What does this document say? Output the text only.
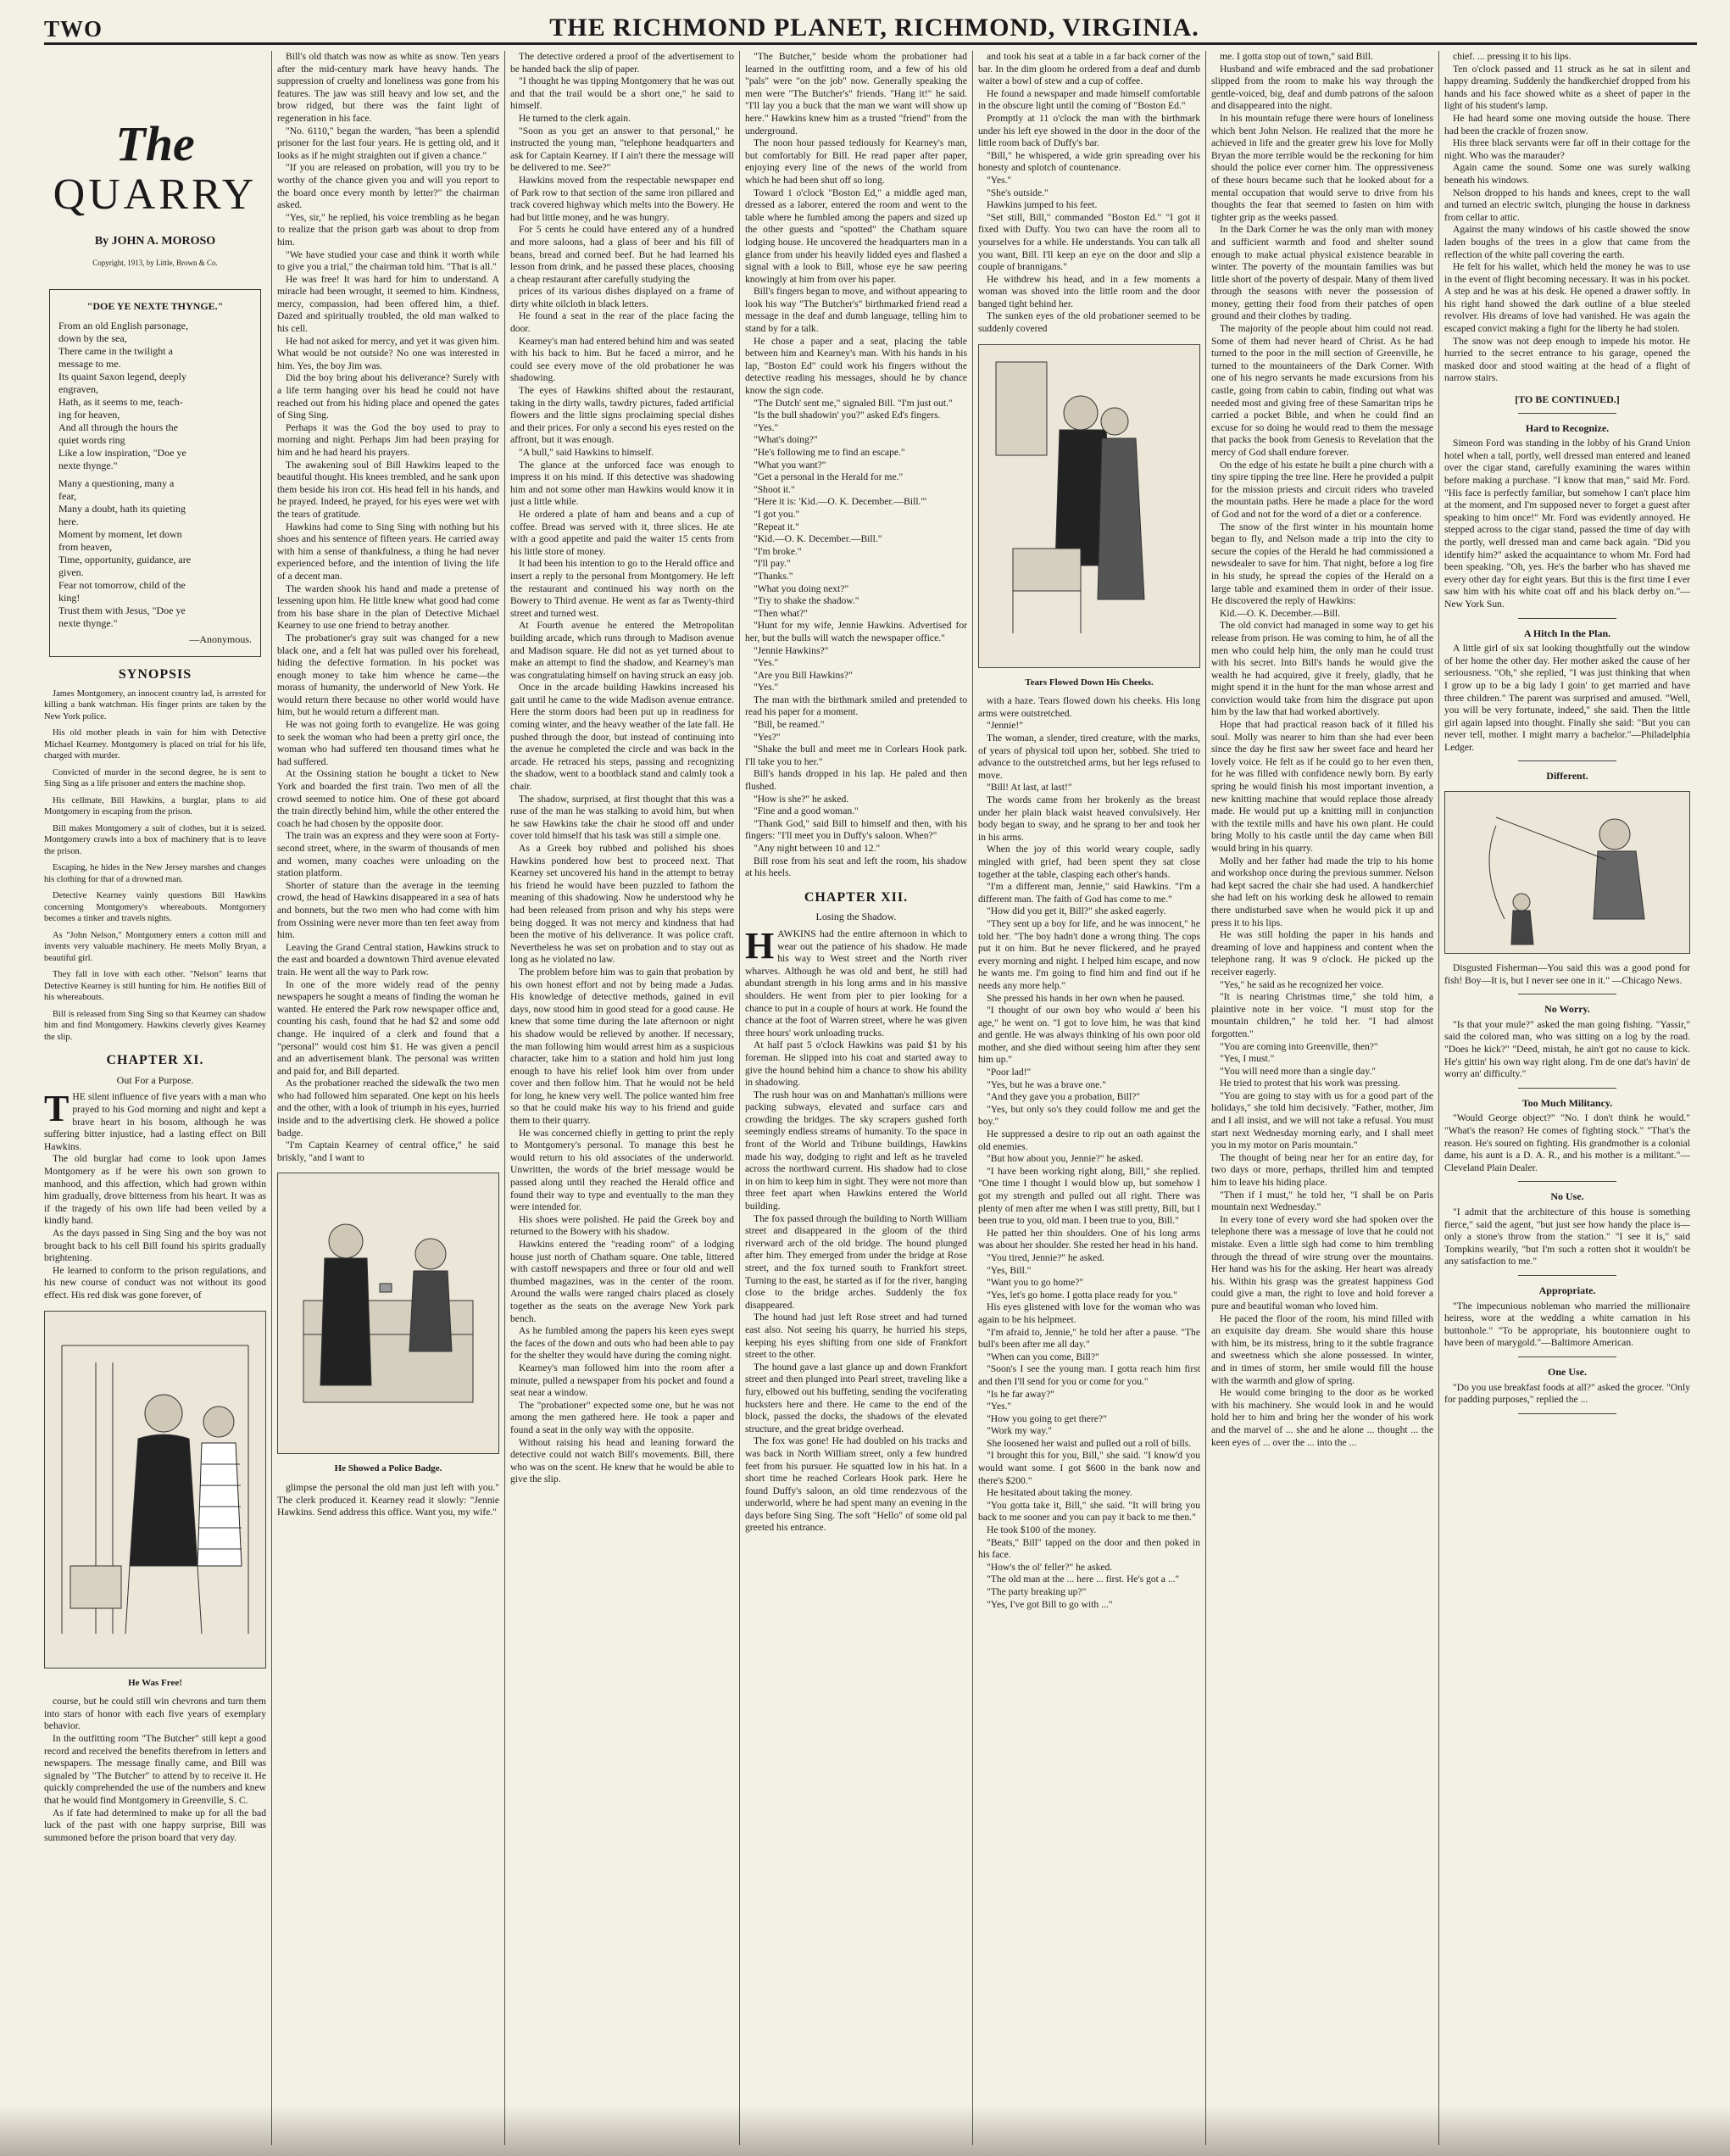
TWO	THE RICHMOND PLANET, RICHMOND, VIRGINIA.
The
QUARRY
By JOHN A. MOROSO
Copyright, 1913, by Little, Brown & Co.
"DOE YE NEXTE THYNGE."

From an old English parsonage,

down by the sea,

There came in the twilight a

message to me.

Its quaint Saxon legend, deeply

engraven,

Hath, as it seems to me, teach-

ing for heaven,

And all through the hours the

quiet words ring

Like a low inspiration, "Doe ye

nexte thynge."

Many a questioning, many a

fear,

Many a doubt, hath its quieting

here.

Moment by moment, let down

from heaven,

Time, opportunity, guidance, are

given.

Fear not tomorrow, child of the

king!

Trust them with Jesus, "Doe ye

nexte thynge."

—Anonymous.
SYNOPSIS

James Montgomery, an innocent country lad, is arrested for killing a bank watchman. His finger prints are taken by the New York police.

His old mother pleads in vain for him with Detective Michael Kearney. Montgomery is placed on trial for his life, charged with murder.

Convicted of murder in the second degree, he is sent to Sing Sing as a life prisoner and enters the machine shop.

His cellmate, Bill Hawkins, a burglar, plans to aid Montgomery in escaping from the prison.

Bill makes Montgomery a suit of clothes, but it is seized. Montgomery crawls into a box of machinery that is to leave the prison.

Escaping, he hides in the New Jersey marshes and changes his clothing for that of a drowned man.

Detective Kearney vainly questions Bill Hawkins concerning Montgomery's whereabouts. Montgomery becomes a tinker and travels nights.

As "John Nelson," Montgomery enters a cotton mill and invents very valuable machinery. He meets Molly Bryan, a beautiful girl.

They fall in love with each other. "Nelson" learns that Detective Kearney is still hunting for him. He notifies Bill of his whereabouts.

Bill is released from Sing Sing so that Kearney can shadow him and find Montgomery. Hawkins cleverly gives Kearney the slip.

CHAPTER XI.
Out For a Purpose.

THE silent influence of five years with a man who prayed to his God morning and night and kept a brave heart in his bosom, although he was suffering bitter injustice, had a lasting effect on Bill Hawkins.

The old burglar had come to look upon James Montgomery as if he were his own son grown to manhood, and this affection, which had grown within him gradually, drove bitterness from his heart. It was as if the tragedy of his own life had been veiled by a kindly hand.

As the days passed in Sing Sing and the boy was not brought back to his cell Bill found his spirits gradually brightening.

He learned to conform to the prison regulations, and his new course of conduct was not without its good effect. His red disk was gone forever, of

He Was Free!

course, but he could still win chevrons and turn them into stars of honor with each five years of exemplary behavior.

In the outfitting room "The Butcher" still kept a good record and received the benefits therefrom in letters and newspapers. The message finally came, and Bill was signaled by "The Butcher" to attend by to receive it. He quickly comprehended the use of the numbers and knew that he would find Montgomery in Greenville, S. C.

As if fate had determined to make up for all the bad luck of the past with one happy surprise, Bill was summoned before the prison board that very day.

Bill's old thatch was now as white as snow. Ten years after the mid-century mark have heavy hands. The suppression of cruelty and loneliness was gone from his features. The jaw was still heavy and low set, and the brow ridged, but there was the faint light of regeneration in his face.

"No. 6110," began the warden, "has been a splendid prisoner for the last four years. He is getting old, and it looks as if he might straighten out if given a chance."

"If you are released on probation, will you try to be worthy of the chance given you and will you report to the board once every month by letter?" the chairman asked.

"Yes, sir," he replied, his voice trembling as he began to realize that the prison garb was about to drop from him.

"We have studied your case and think it worth while to give you a trial," the chairman told him. "That is all."

He was free! It was hard for him to understand. A miracle had been wrought, it seemed to him. Kindness, mercy, compassion, had been offered him, a thief. Dazed and spiritually troubled, the old man walked to his cell.

He had not asked for mercy, and yet it was given him. What would be not outside? No one was interested in him. Yes, the boy Jim was.

Did the boy bring about his deliverance? Surely with a life term hanging over his head he could not have reached out from his hiding place and opened the gates of Sing Sing.

Perhaps it was the God the boy used to pray to morning and night. Perhaps Jim had been praying for him and he had heard his prayers.

The awakening soul of Bill Hawkins leaped to the beautiful thought. His knees trembled, and he sank upon them beside his iron cot. His head fell in his hands, and he prayed. Indeed, he prayed, for his eyes were wet with the tears of gratitude.

Hawkins had come to Sing Sing with nothing but his shoes and his sentence of fifteen years. He carried away with him a sense of thankfulness, a thing he had never experienced before, and the intention of living the life of a decent man.

The warden shook his hand and made a pretense of lessening upon him. He little knew what good had come from his base share in the plan of Detective Michael Kearney to use one friend to betray another.

The probationer's gray suit was changed for a new black one, and a felt hat was pulled over his forehead, hiding the defective formation. In his pocket was enough money to take him whence he came—the morass of humanity, the underworld of New York. He would return there because no other world would have him, but he would return a different man.

He was not going forth to evangelize. He was going to seek the woman who had been a pretty girl once, the woman who had suffered ten thousand times what he had suffered.

At the Ossining station he bought a ticket to New York and boarded the first train. Two men of all the crowd seemed to notice him. One of these got aboard the train directly behind him, while the other entered the coach he had chosen by the opposite door.

The train was an express and they were soon at Forty-second street, where, in the swarm of thousands of men and women, many coaches were unloading on the station platform.

Shorter of stature than the average in the teeming crowd, the head of Hawkins disappeared in a sea of hats and bonnets, but the two men who had come with him from Ossining were never more than ten feet away from him.

Leaving the Grand Central station, Hawkins struck to the east and boarded a downtown Third avenue elevated train. He went all the way to Park row.

In one of the more widely read of the penny newspapers he sought a means of finding the woman he wanted. He entered the Park row newspaper office and, counting his cash, found that he had $2 and some odd change. He inquired of a clerk and found that a "personal" would cost him $1. He was given a pencil and an advertisement blank. The personal was written and paid for, and Bill departed.

As the probationer reached the sidewalk the two men who had followed him separated. One kept on his heels and the other, with a look of triumph in his eyes, hurried inside and to the advertising clerk. He showed a police badge.

"I'm Captain Kearney of central office," he said briskly, "and I want to

He Showed a Police Badge.

glimpse the personal the old man just left with you." The clerk produced it. Kearney read it slowly: "Jennie Hawkins. Send address this office. Want you, my wife."

The detective ordered a proof of the advertisement to be handed back the slip of paper.

"I thought he was tipping Montgomery that he was out and that the trail would be a short one," he said to himself.

He turned to the clerk again.

"Soon as you get an answer to that personal," he instructed the young man, "telephone headquarters and ask for Captain Kearney. If I ain't there the message will be delivered to me. See?"

Hawkins moved from the respectable newspaper end of Park row to that section of the same iron pillared and track covered highway which melts into the Bowery. He had but little money, and he was hungry.

For 5 cents he could have entered any of a hundred and more saloons, had a glass of beer and his fill of beans, bread and corned beef. But he had learned his lesson from drink, and he passed these places, choosing a cheap restaurant after carefully studying the

prices of its various dishes displayed on a frame of dirty white oilcloth in black letters.

He found a seat in the rear of the place facing the door.

Kearney's man had entered behind him and was seated with his back to him. But he faced a mirror, and he could see every move of the old probationer he was shadowing.

The eyes of Hawkins shifted about the restaurant, taking in the dirty walls, tawdry pictures, faded artificial flowers and the little signs proclaiming special dishes and their prices. For only a second his eyes rested on the affront, but it was enough.

"A bull," said Hawkins to himself.

The glance at the unforced face was enough to impress it on his mind. If this detective was shadowing him and not some other man Hawkins would know it in just a little while.

He ordered a plate of ham and beans and a cup of coffee. Bread was served with it, three slices. He ate with a good appetite and paid the waiter 15 cents from his little store of money.

It had been his intention to go to the Herald office and insert a reply to the personal from Montgomery. He left the restaurant and continued his way north on the Bowery to Third avenue. He went as far as Twenty-third street and turned west.

At Fourth avenue he entered the Metropolitan building arcade, which runs through to Madison avenue and Madison square. He did not as yet turned about to make an attempt to find the shadow, and Kearney's man was congratulating himself on having struck an easy job.

Once in the arcade building Hawkins increased his gait until he came to the wide Madison avenue entrance. Here the storm doors had been put up in readiness for coming winter, and the heavy weather of the late fall. He pushed through the door, but instead of continuing into the avenue he completed the circle and was back in the arcade. He retraced his steps, passing and recognizing the shadow, went to a bootblack stand and calmly took a chair.

The shadow, surprised, at first thought that this was a ruse of the man he was stalking to avoid him, but when he saw Hawkins take the chair he stood off and under cover told himself that his task was still a simple one.

As a Greek boy rubbed and polished his shoes Hawkins pondered how best to proceed next. That Kearney set uncovered his hand in the attempt to betray his friend he would have been puzzled to fathom the meaning of this shadowing. Now he understood why he had been released from prison and why his steps were being dogged. It was not mercy and kindness that had been the motive of his deliverance. It was police craft. Nevertheless he was set on probation and to stay out as long as he violated no law.

The problem before him was to gain that probation by his own honest effort and not by being made a Judas. His knowledge of detective methods, gained in evil days, now stood him in good stead for a good cause. He knew that some time during the late afternoon or night his shadow would be relieved by another. If necessary, the man following him would arrest him as a suspicious character, take him to a station and hold him just long enough to have his relief look him over from under cover and then follow him. That he would not be held for long, he knew very well. The police wanted him free so that he could make his way to his friend and guide them to their quarry.

He was concerned chiefly in getting to print the reply to Montgomery's personal. To manage this best he would return to his old associates of the underworld. Unwritten, the words of the brief message would be passed along until they reached the Herald office and found their way to type and eventually to the man they were intended for.

His shoes were polished. He paid the Greek boy and returned to the Bowery with his shadow.

Hawkins entered the "reading room" of a lodging house just north of Chatham square. One table, littered with castoff newspapers and three or four old and well thumbed magazines, was in the center of the room. Around the walls were ranged chairs placed as closely together as the seats on the average New York park bench.

As he fumbled among the papers his keen eyes swept the faces of the down and outs who had been able to pay for the shelter they would have during the coming night.

Kearney's man followed him into the room after a minute, pulled a newspaper from his pocket and found a seat near a window.

The "probationer" expected some one, but he was not among the men gathered here. He took a paper and found a seat in the only way with the opposite.

Without raising his head and leaning forward the detective could not watch Bill's movements. Bill, there who was on the scent. He knew that he would be able to give the slip.

"The Butcher," beside whom the probationer had learned in the outfitting room, and a few of his old "pals" were "on the job" now. Generally speaking the men were "The Butcher's" friends. "Hang it!" he said. "I'll lay you a buck that the man we want will show up here." Hawkins knew him as a trusted "friend" from the underground.

The noon hour passed tediously for Kearney's man, but comfortably for Bill. He read paper after paper, enjoying every line of the news of the world from which he had been shut off so long.

Toward 1 o'clock "Boston Ed," a middle aged man, dressed as a laborer, entered the room and went to the table where he fumbled among the papers and sized up the other guests and "spotted" the Chatham square lodging house. He uncovered the headquarters man in a glance from under his heavily lidded eyes and flashed a signal with a look to Bill, whose eye he saw peering knowingly at him from over his paper.

Bill's fingers began to move, and without appearing to look his way "The Butcher's" birthmarked friend read a message in the deaf and dumb language, telling him to stand by for a talk.

He chose a paper and a seat, placing the table between him and Kearney's man. With his hands in his lap, "Boston Ed" could work his fingers without the detective reading his messages, should he by chance know the sign code.

"The Dutch' sent me," signaled Bill. "I'm just out."

"Is the bull shadowin' you?" asked Ed's fingers.

"Yes."

"What's doing?"

"He's following me to find an escape."

"What you want?"

"Get a personal in the Herald for me."

"Shoot it."

"Here it is: 'Kid.—O. K. December.—Bill.'"

"I got you."

"Repeat it."

"Kid.—O. K. December.—Bill."

"I'm broke."

"I'll pay."

"Thanks."

"What you doing next?"

"Try to shake the shadow."

"Then what?"

"Hunt for my wife, Jennie Hawkins. Advertised for her, but the bulls will watch the newspaper office."

"Jennie Hawkins?"

"Yes."

"Are you Bill Hawkins?"

"Yes."

The man with the birthmark smiled and pretended to read his paper for a moment.

"Bill, be reamed."

"Yes?"

"Shake the bull and meet me in Corlears Hook park. I'll take you to her."

Bill's hands dropped in his lap. He paled and then flushed.

"How is she?" he asked.

"Fine and a good woman."

"Thank God," said Bill to himself and then, with his fingers: "I'll meet you in Duffy's saloon. When?"

"Any night between 10 and 12."

Bill rose from his seat and left the room, his shadow at his heels.

CHAPTER XII.
Losing the Shadow.

HAWKINS had the entire afternoon in which to wear out the patience of his shadow. He made his way to West street and the North river wharves. Although he was old and bent, he still had abundant strength in his long arms and in his massive shoulders. He went from pier to pier looking for a chance to put in a couple of hours at work. He found the chance at the foot of Warren street, where he was given three hours' work unloading trucks.

At half past 5 o'clock Hawkins was paid $1 by his foreman. He slipped into his coat and started away to give the hound behind him a chance to show his ability in shadowing.

The rush hour was on and Manhattan's millions were packing subways, elevated and surface cars and crowding the bridges. The sky scrapers gushed forth seemingly endless streams of humanity. To the space in front of the World and Tribune buildings, Hawkins made his way, dodging to right and left as he traveled across the northward current. His shadow had to close in on him to keep him in sight. They were not more than three feet apart when Hawkins entered the World building.

The fox passed through the building to North William street and disappeared in the gloom of the third riverward arch of the old bridge. The hound plunged after him. They emerged from under the bridge at Rose street, and the fox turned south to Frankfort street. Turning to the east, he started as if for the river, hanging close to the bridge arches. Suddenly the fox disappeared.

The hound had just left Rose street and had turned east also. Not seeing his quarry, he hurried his steps, keeping his eyes shifting from one side of Frankfort street to the other.

The hound gave a last glance up and down Frankfort street and then plunged into Pearl street, traveling like a fury, elbowed out his buffeting, sending the vociferating hucksters here and there. He came to the end of the block, passed the docks, the shadows of the elevated structure, and the great bridge overhead.

The fox was gone! He had doubled on his tracks and was back in North William street, only a few hundred feet from his pursuer. He squatted low in his hat. In a short time he reached Corlears Hook park. Here he found Duffy's saloon, an old time rendezvous of the underworld, where he had spent many an evening in the days before Sing Sing. The soft "Hello" of some old pal greeted his entrance.

and took his seat at a table in a far back corner of the bar. In the dim gloom he ordered from a deaf and dumb waiter a bowl of stew and a cup of coffee.

He found a newspaper and made himself comfortable in the obscure light until the coming of "Boston Ed."

Promptly at 11 o'clock the man with the birthmark under his left eye showed in the door in the door of the little room back of Duffy's bar.

"Bill," he whispered, a wide grin spreading over his honesty and splotch of countenance.

"Yes."

"She's outside."

Hawkins jumped to his feet.

"Set still, Bill," commanded "Boston Ed." "I got it fixed with Duffy. You two can have the room all to yourselves for a while. He understands. You can talk all you want, Bill. I'll keep an eye on the door and slip a couple of brannigans."

He withdrew his head, and in a few moments a woman was shoved into the little room and the door banged tight behind her.

The sunken eyes of the old probationer seemed to be suddenly covered

Tears Flowed Down His Cheeks.

with a haze. Tears flowed down his cheeks. His long arms were outstretched.

"Jennie!"

The woman, a slender, tired creature, with the marks, of years of physical toil upon her, sobbed. She tried to advance to the outstretched arms, but her legs refused to move.

"Bill! At last, at last!"

The words came from her brokenly as the breast under her plain black waist heaved convulsively. Her body began to sway, and he sprang to her and took her in his arms.

When the joy of this world weary couple, sadly mingled with grief, had been spent they sat close together at the table, clasping each other's hands.

"I'm a different man, Jennie," said Hawkins. "I'm a different man. The faith of God has come to me."

"How did you get it, Bill?" she asked eagerly.

"They sent up a boy for life, and he was innocent," he told her. "The boy hadn't done a wrong thing. The cops put it on him. But he never flickered, and he prayed every morning and night. I helped him escape, and now he wants me. I'm going to find him and find out if he needs any more help."

She pressed his hands in her own when he paused.

"I thought of our own boy who would a' been his age," he went on. "I got to love him, he was that kind and gentle. He was always thinking of his own poor old mother, and she died without seeing him after they sent him up."

"Poor lad!"

"Yes, but he was a brave one."

"And they gave you a probation, Bill?"

"Yes, but only so's they could follow me and get the boy."

He suppressed a desire to rip out an oath against the old enemies.

"But how about you, Jennie?" he asked.

"I have been working right along, Bill," she replied. "One time I thought I would blow up, but somehow I got my strength and pulled out all right. There was plenty of men after me when I was still pretty, Bill, but I been true to you, old man. I been true to you, Bill."

He patted her thin shoulders. One of his long arms was about her shoulder. She rested her head in his hand.

"You tired, Jennie?" he asked.

"Yes, Bill."

"Want you to go home?"

"Yes, let's go home. I gotta place ready for you."

His eyes glistened with love for the woman who was again to be his helpmeet.

"I'm afraid to, Jennie," he told her after a pause. "The bull's been after me all day."

"When can you come, Bill?"

"Soon's I see the young man. I gotta reach him first and then I'll send for you or come for you."

"Is he far away?"

"Yes."

"How you going to get there?"

"Work my way."

She loosened her waist and pulled out a roll of bills.

"I brought this for you, Bill," she said. "I know'd you would want some. I got $600 in the bank now and there's $200."

He hesitated about taking the money.

"You gotta take it, Bill," she said. "It will bring you back to me sooner and you can pay it back to me then."

He took $100 of the money.

"Beats," Bill" tapped on the door and then poked in his face.

"How's the ol' feller?" he asked.

"The old man at the ... here ... first. He's got a ..."

"The party breaking up?"

"Yes, I've got Bill to go with ..."

me. I gotta stop out of town," said Bill.

Husband and wife embraced and the sad probationer slipped from the room to make his way through the gentle-voiced, big, deaf and dumb patrons of the saloon and disappeared into the night.

In his mountain refuge there were hours of loneliness which bent John Nelson. He realized that the more he achieved in life and the greater grew his love for Molly Bryan the more terrible would be the reckoning for him should the police ever corner him. The oppressiveness of these hours became such that he looked about for a mental occupation that would serve to drive from his thoughts the fear that seemed to fasten on him with tighter grip as the weeks passed.

In the Dark Corner he was the only man with money and sufficient warmth and food and shelter sound enough to make actual physical existence bearable in winter. The poverty of the mountain families was but little short of the poverty of despair. Many of them lived through the seasons with never the possession of money, getting their food from their patches of open ground and their clothes by trading.

The majority of the people about him could not read. Some of them had never heard of Christ. As he had turned to the poor in the mill section of Greenville, he turned to the mountaineers of the Dark Corner. With one of his negro servants he made excursions from his castle, going from cabin to cabin, finding out what was needed most and giving free of these Samaritan trips he carried a pocket Bible, and when he could find an excuse for so doing he would read to them the message that packs the book from Genesis to Revelation that the mercy of God shall endure forever.

On the edge of his estate he built a pine church with a tiny spire tipping the tree line. Here he provided a pulpit for the mission priests and circuit riders who traveled the mountain paths. Here he made a place for the word of God and not for the word of a diet or a conference.

The snow of the first winter in his mountain home began to fly, and Nelson made a trip into the city to secure the copies of the Herald he had commissioned a newsdealer to save for him. That night, before a log fire in his study, he spread the copies of the Herald on a large table and examined them in order of their issue. He discovered the reply of Hawkins:

Kid.—O. K. December.—Bill.

The old convict had managed in some way to get his release from prison. He was coming to him, he of all the men who could help him, the only man he could trust with his secret. Into Bill's hands he would give the wealth he had acquired, give it freely, gladly, that he might spend it in the hunt for the man whose arrest and conviction would take from him the disgrace put upon him by the law that had worked abortively.

Hope that had practical reason back of it filled his soul. Molly was nearer to him than she had ever been since the day he first saw her sweet face and heard her lovely voice. He felt as if he could go to her even then, for he was filled with confidence newly born. By early spring he would finish his most important invention, a new knitting machine that would replace those already made. He would put up a knitting mill in conjunction with the textile mills and have his own plant. He could bring Molly to his castle until the day came when Bill would bring in his quarry.

Molly and her father had made the trip to his home and workshop once during the previous summer. Nelson had kept sacred the chair she had used. A handkerchief she had left on his working desk he allowed to remain there undisturbed save when he would pick it up and press it to his lips.

He was still holding the paper in his hands and dreaming of love and happiness and content when the telephone rang. It was 9 o'clock. He picked up the receiver eagerly.

"Yes," he said as he recognized her voice.

"It is nearing Christmas time," she told him, a plaintive note in her voice. "I must stop for the mountain children," he told her. "I had almost forgotten."

"You are coming into Greenville, then?"

"Yes, I must."

"You will need more than a single day."

He tried to protest that his work was pressing.

"You are going to stay with us for a good part of the holidays," she told him decisively. "Father, mother, Jim and I all insist, and we will not take a refusal. You must start next Wednesday morning early, and I shall meet you in my motor on Paris mountain."

The thought of being near her for an entire day, for two days or more, perhaps, thrilled him and tempted him to leave his hiding place.

"Then if I must," he told her, "I shall be on Paris mountain next Wednesday."

In every tone of every word she had spoken over the telephone there was a message of love that he could not mistake. Even a little sigh had come to him trembling through the thread of wire strung over the mountains. Her hand was his for the asking. Her heart was already his. Within his grasp was the greatest happiness God could give a man, the right to love and hold forever a pure and beautiful woman who loved him.

He paced the floor of the room, his mind filled with an exquisite day dream. She would share this house with him, be its mistress, bring to it the subtle fragrance and sweetness which she alone possessed. In winter, and in times of storm, her smile would fill the house with the warmth and glow of spring.

He would come bringing to the door as he worked with his machinery. She would look in and he would hold her to him and bring her the wonder of his work and the marvel of ... she and he alone ... thought ... the keen eyes of ... over the ... into the ...

chief. ... pressing it to his lips.

Ten o'clock passed and 11 struck as he sat in silent and happy dreaming. Suddenly the handkerchief dropped from his hands and his face showed white as a sheet of paper in the light of his student's lamp.

He had heard some one moving outside the house. There had been the crackle of frozen snow.

His three black servants were far off in their cottage for the night. Who was the marauder?

Again came the sound. Some one was surely walking beneath his windows.

Nelson dropped to his hands and knees, crept to the wall and turned an electric switch, plunging the house in darkness from cellar to attic.

Against the many windows of his castle showed the snow laden boughs of the trees in a glow that came from the reflection of the white pall covering the earth.

He felt for his wallet, which held the money he was to use in the event of flight becoming necessary. It was in his pocket. A step and he was at his desk. He opened a drawer softly. In his right hand showed the dark outline of a blue steeled revolver. His dreams of love had vanished. He was again the escaped convict making a fight for the liberty he had stolen.

The snow was not deep enough to impede his motor. He hurried to the secret entrance to his garage, opened the masked door and stood waiting at the head of a flight of narrow stairs.

[TO BE CONTINUED.]
Hard to Recognize.

Simeon Ford was standing in the lobby of his Grand Union hotel when a tall, portly, well dressed man entered and leaned over the cigar stand, carefully examining the wares within before making a purchase. "I know that man," said Mr. Ford. "His face is perfectly familiar, but somehow I can't place him at the moment, and I'm supposed never to forget a guest after speaking to him once!" Mr. Ford was evidently annoyed. He stepped across to the cigar stand, passed the time of day with the portly, well dressed man and came back again. "Did you identify him?" asked the acquaintance to whom Mr. Ford had been speaking. "Oh, yes. He's the barber who has shaved me every other day for eight years. But this is the first time I ever saw him with his white coat off and his black derby on."—New York Sun.

A Hitch In the Plan.

A little girl of six sat looking thoughtfully out the window of her home the other day. Her mother asked the cause of her seriousness. "Oh," she replied, "I was just thinking that when I grow up to be a big lady I goin' to get married and have three children." The parent was surprised and amused. "Well, you will be very fortunate, indeed," she said. Then the little girl again lapsed into thought. Finally she said: "But you can never tell, mother. I might marry a bachelor."—Philadelphia Ledger.

Different.

Disgusted Fisherman—You said this was a good pond for fish! Boy—It is, but I never see one in it." —Chicago News.

No Worry.

"Is that your mule?" asked the man going fishing. "Yassir," said the colored man, who was sitting on a log by the road. "Does he kick?" "Deed, mistah, he ain't got no cause to kick. He's gittin' his own way right along. I'm de one dat's havin' de worry an' difficulty."

Too Much Militancy.

"Would George object?" "No. I don't think he would." "What's the reason? He comes of fighting stock." "That's the reason. He's soured on fighting. His grandmother is a colonial dame, his aunt is a D. A. R., and his mother is a militant."—Cleveland Plain Dealer.

No Use.

"I admit that the architecture of this house is something fierce," said the agent, "but just see how handy the place is—only a stone's throw from the station." "I see it is," said Tompkins wearily, "but I'm such a rotten shot it wouldn't be any satisfaction to me."

Appropriate.

"The impecunious nobleman who married the millionaire heiress, wore at the wedding a white carnation in his buttonhole." "To be appropriate, his boutonniere ought to have been of marygold."—Baltimore American.

One Use.

"Do you use breakfast foods at all?" asked the grocer. "Only for padding purposes," replied the ...
